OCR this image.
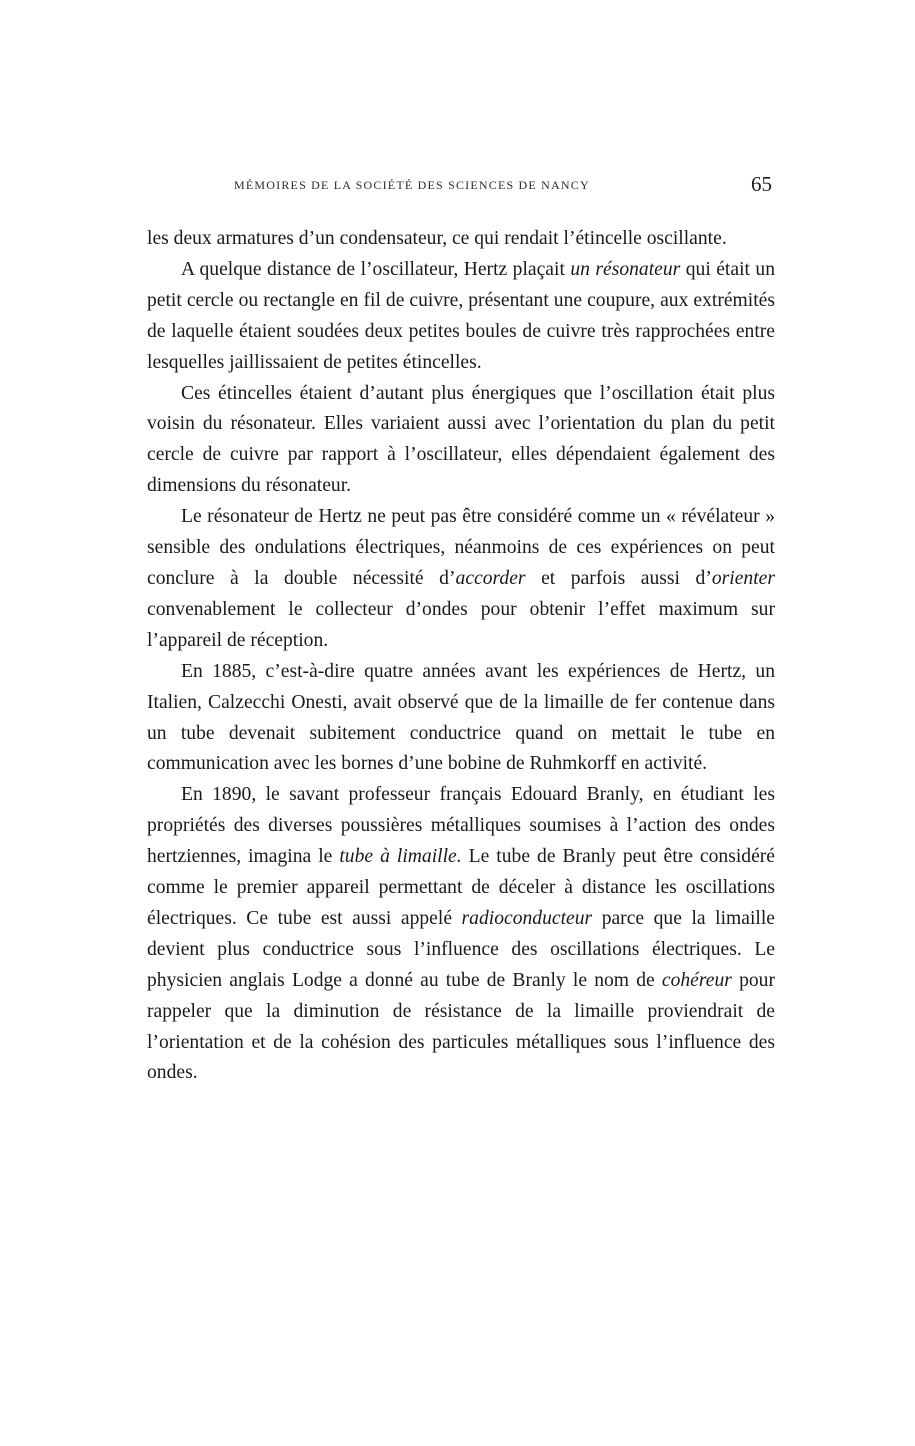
MÉMOIRES DE LA SOCIÉTÉ DES SCIENCES DE NANCY	65

les deux armatures d’un condensateur, ce qui rendait l’étincelle oscillante.

A quelque distance de l’oscillateur, Hertz plaçait un résonateur qui était un petit cercle ou rectangle en fil de cuivre, présentant une coupure, aux extrémités de laquelle étaient soudées deux petites boules de cuivre très rapprochées entre lesquelles jaillissaient de petites étincelles.

Ces étincelles étaient d’autant plus énergiques que l’oscillation était plus voisin du résonateur. Elles variaient aussi avec l’orientation du plan du petit cercle de cuivre par rapport à l’oscillateur, elles dépendaient également des dimensions du résonateur.

Le résonateur de Hertz ne peut pas être considéré comme un « révélateur » sensible des ondulations électriques, néanmoins de ces expériences on peut conclure à la double nécessité d’accorder et parfois aussi d’orienter convenablement le collecteur d’ondes pour obtenir l’effet maximum sur l’appareil de réception.

En 1885, c’est-à-dire quatre années avant les expériences de Hertz, un Italien, Calzecchi Onesti, avait observé que de la limaille de fer contenue dans un tube devenait subitement conductrice quand on mettait le tube en communication avec les bornes d’une bobine de Ruhmkorff en activité.

En 1890, le savant professeur français Edouard Branly, en étudiant les propriétés des diverses poussières métalliques soumises à l’action des ondes hertziennes, imagina le tube à limaille. Le tube de Branly peut être considéré comme le premier appareil permettant de déceler à distance les oscillations électriques. Ce tube est aussi appelé radioconducteur parce que la limaille devient plus conductrice sous l’influence des oscillations électriques. Le physicien anglais Lodge a donné au tube de Branly le nom de cohéreur pour rappeler que la diminution de résistance de la limaille proviendrait de l’orientation et de la cohésion des particules métalliques sous l’influence des ondes.
